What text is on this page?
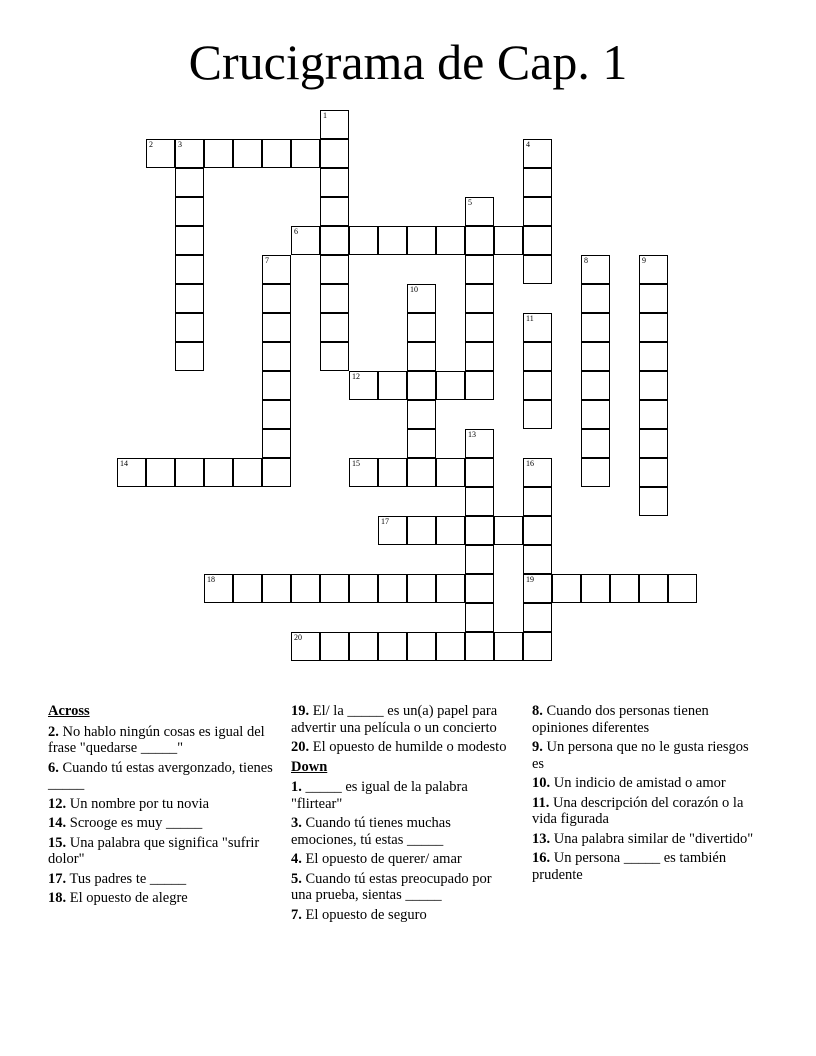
Crucigrama de Cap. 1
1
2	3	4
5
6
7	8	9
10
11
12
13
14	15	16
17
18	19
20
Across
2. No hablo ningún cosas es igual del frase "quedarse _____"
6. Cuando tú estas avergonzado, tienes _____
12. Un nombre por tu novia
14. Scrooge es muy _____
15. Una palabra que significa "sufrir dolor"
17. Tus padres te _____
18. El opuesto de alegre
19. El/ la _____ es un(a) papel para advertir una película o un concierto
20. El opuesto de humilde o modesto
Down
1. _____ es igual de la palabra "flirtear"
3. Cuando tú tienes muchas emociones, tú estas _____
4. El opuesto de querer/ amar
5. Cuando tú estas preocupado por una prueba, sientas _____
7. El opuesto de seguro
8. Cuando dos personas tienen opiniones diferentes
9. Un persona que no le gusta riesgos es
10. Un indicio de amistad o amor
11. Una descripción del corazón o la vida figurada
13. Una palabra similar de "divertido"
16. Un persona _____ es también prudente
